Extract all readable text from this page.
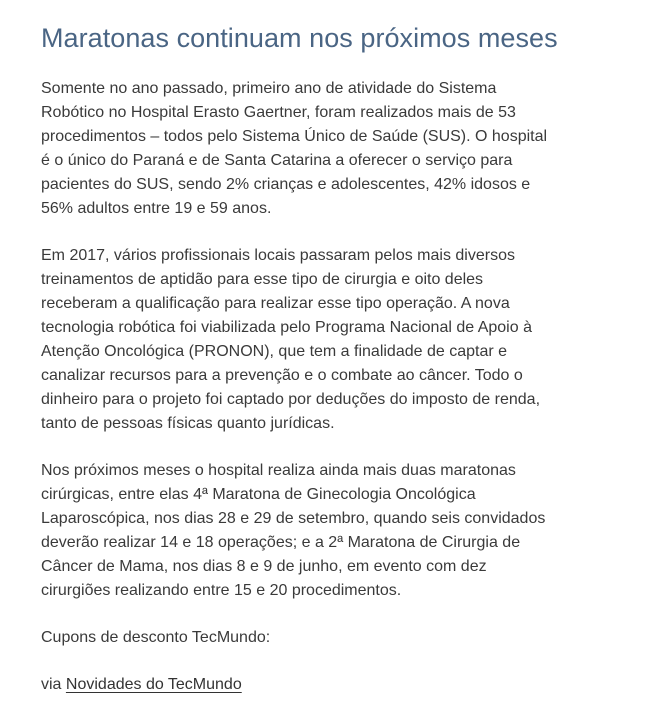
Maratonas continuam nos próximos meses

Somente no ano passado, primeiro ano de atividade do Sistema
Robótico no Hospital Erasto Gaertner, foram realizados mais de 53
procedimentos – todos pelo Sistema Único de Saúde (SUS). O hospital
é o único do Paraná e de Santa Catarina a oferecer o serviço para
pacientes do SUS, sendo 2% crianças e adolescentes, 42% idosos e
56% adultos entre 19 e 59 anos.

Em 2017, vários profissionais locais passaram pelos mais diversos
treinamentos de aptidão para esse tipo de cirurgia e oito deles
receberam a qualificação para realizar esse tipo operação. A nova
tecnologia robótica foi viabilizada pelo Programa Nacional de Apoio à
Atenção Oncológica (PRONON), que tem a finalidade de captar e
canalizar recursos para a prevenção e o combate ao câncer. Todo o
dinheiro para o projeto foi captado por deduções do imposto de renda,
tanto de pessoas físicas quanto jurídicas.

Nos próximos meses o hospital realiza ainda mais duas maratonas
cirúrgicas, entre elas 4ª Maratona de Ginecologia Oncológica
Laparoscópica, nos dias 28 e 29 de setembro, quando seis convidados
deverão realizar 14 e 18 operações; e a 2ª Maratona de Cirurgia de
Câncer de Mama, nos dias 8 e 9 de junho, em evento com dez
cirurgiões realizando entre 15 e 20 procedimentos.

Cupons de desconto TecMundo:

via Novidades do TecMundo
